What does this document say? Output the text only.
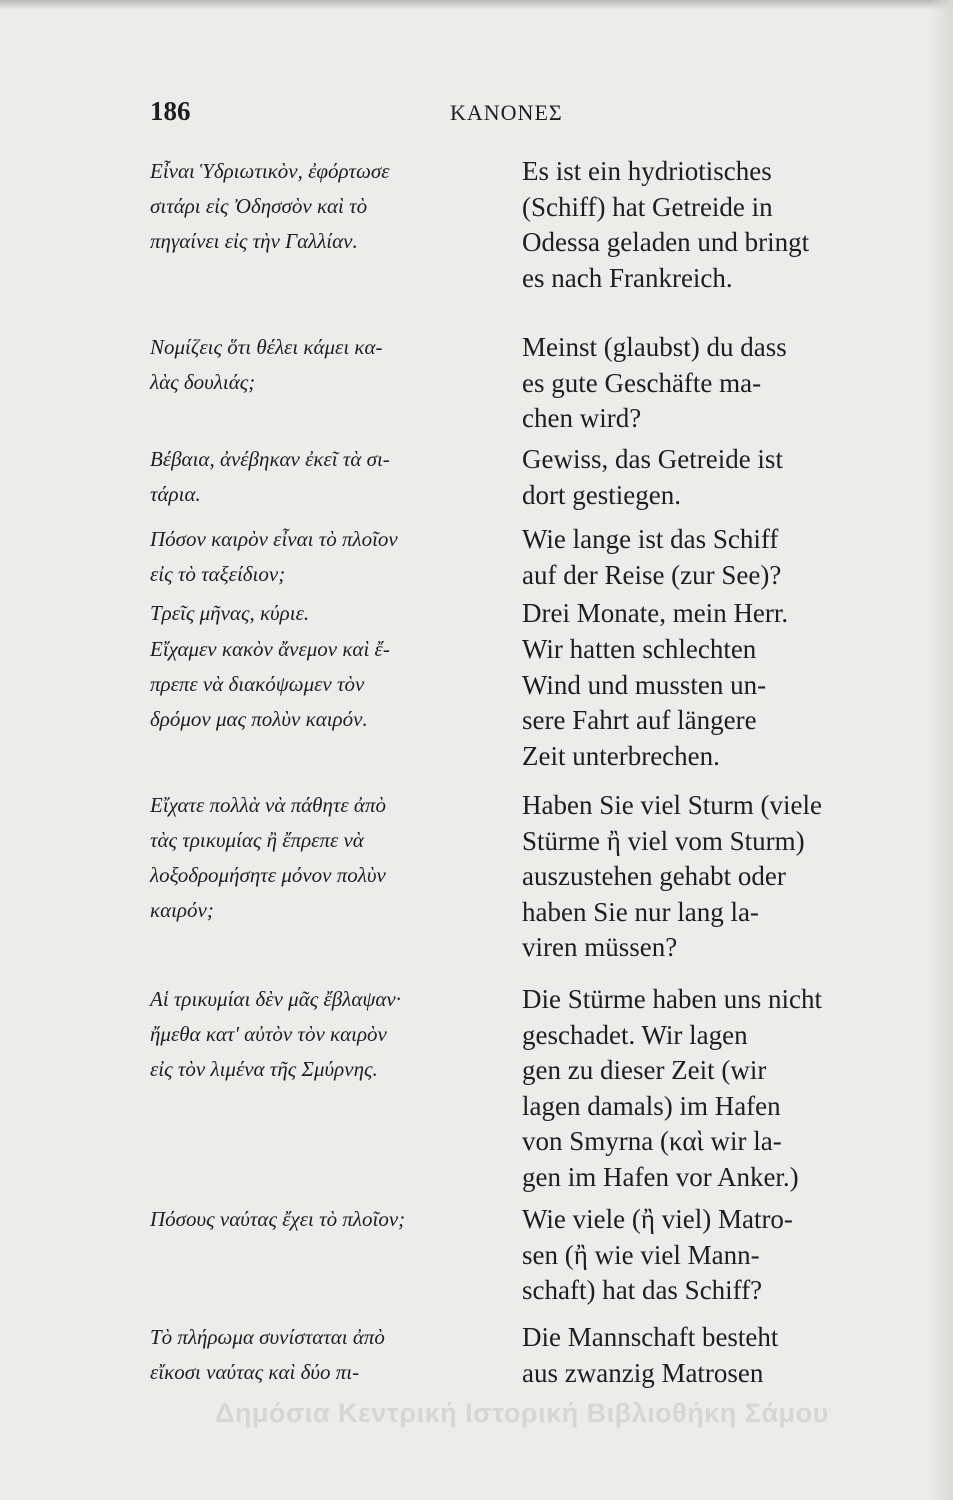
186	ΚΑΝΟΝΕΣ
Εἶναι Ὑδριωτικὸν, ἐφόρτωσε
σιτάρι εἰς Ὀδησσὸν καὶ τὸ
πηγαίνει εἰς τὴν Γαλλίαν.
Es ist ein hydriotisches
(Schiff) hat Getreide in
Odessa geladen und bringt
es nach Frankreich.
Νομίζεις ὅτι θέλει κάμει κα-
λὰς δουλιάς;
Meinst (glaubst) du dass
es gute Geschäfte ma-
chen wird?
Βέβαια, ἀνέβηκαν ἐκεῖ τὰ σι-
τάρια.
Gewiss, das Getreide ist
dort gestiegen.
Πόσον καιρὸν εἶναι τὸ πλοῖον
εἰς τὸ ταξείδιον;
Wie lange ist das Schiff
auf der Reise (zur See)?
Τρεῖς μῆνας, κύριε.	Drei Monate, mein Herr.
Εἴχαμεν κακὸν ἄνεμον καὶ ἔ-
πρεπε νὰ διακόψωμεν τὸν
δρόμον μας πολὺν καιρόν.
Wir hatten schlechten
Wind und mussten un-
sere Fahrt auf längere
Zeit unterbrechen.
Εἴχατε πολλὰ νὰ πάθητε ἀπὸ
τὰς τρικυμίας ἢ ἔπρεπε νὰ
λοξοδρομήσητε μόνον πολὺν
καιρόν;
Haben Sie viel Sturm (viele
Stürme ἢ viel vom Sturm)
auszustehen gehabt oder
haben Sie nur lang la-
viren müssen?
Αἱ τρικυμίαι δὲν μᾶς ἔβλαψαν·
ἤμεθα κατ' αὐτὸν τὸν καιρὸν
εἰς τὸν λιμένα τῆς Σμύρνης.
Die Stürme haben uns nicht
geschadet. Wir lagen
gen zu dieser Zeit (wir
lagen damals) im Hafen
von Smyrna (καὶ wir la-
gen im Hafen vor Anker.)
Πόσους ναύτας ἔχει τὸ πλοῖον;	Wie viele (ἢ viel) Matro-
sen (ἢ wie viel Mann-
schaft) hat das Schiff?
Τὸ πλήρωμα συνίσταται ἀπὸ
εἴκοσι ναύτας καὶ δύο πι-
Die Mannschaft besteht
aus zwanzig Matrosen
Δημόσια Κεντρική Ιστορική Βιβλιοθήκη Σάμου
